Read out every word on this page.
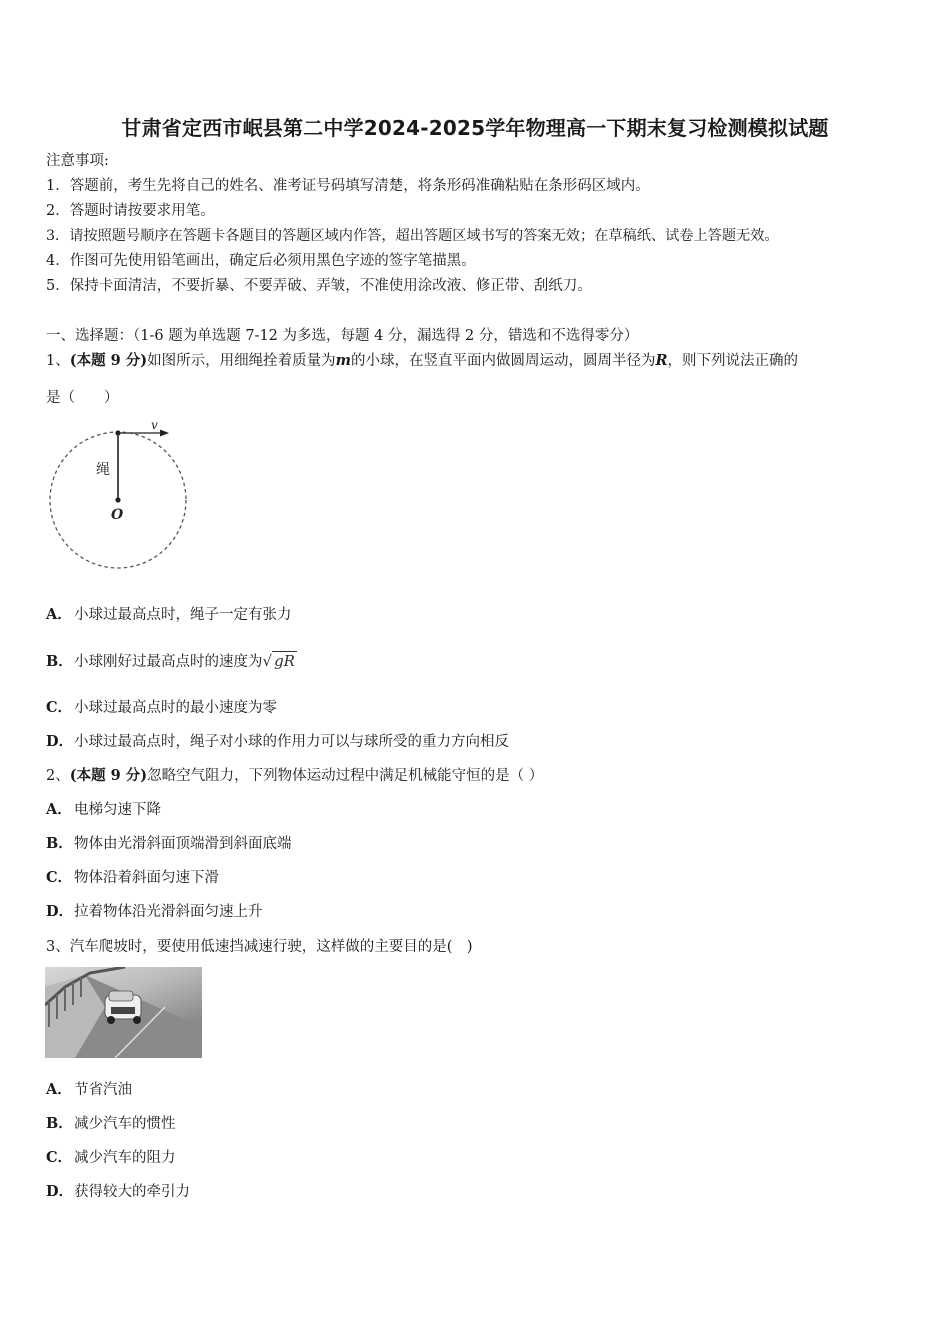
甘肃省定西市岷县第二中学2024-2025学年物理高一下期末复习检测模拟试题
注意事项:
1．答题前，考生先将自己的姓名、准考证号码填写清楚，将条形码准确粘贴在条形码区域内。
2．答题时请按要求用笔。
3．请按照题号顺序在答题卡各题目的答题区域内作答，超出答题区域书写的答案无效；在草稿纸、试卷上答题无效。
4．作图可先使用铅笔画出，确定后必须用黑色字迹的签字笔描黑。
5．保持卡面清洁，不要折暴、不要弄破、弄皱，不准使用涂改液、修正带、刮纸刀。
一、选择题：（1-6 题为单选题 7-12 为多选，每题 4 分，漏选得 2 分，错选和不选得零分）
1、(本题 9 分)如图所示，用细绳拴着质量为m的小球，在竖直平面内做圆周运动，圆周半径为R，则下列说法正确的
是（　　）
v
绳
O
A． 小球过最高点时，绳子一定有张力
B．小球刚好过最高点时的速度为√ gR
C． 小球过最高点时的最小速度为零
D．小球过最高点时，绳子对小球的作用力可以与球所受的重力方向相反
2、(本题 9 分)忽略空气阻力，下列物体运动过程中满足机械能守恒的是（ ）
A． 电梯匀速下降
B．物体由光滑斜面顶端滑到斜面底端
C． 物体沿着斜面匀速下滑
D．拉着物体沿光滑斜面匀速上升
3、汽车爬坡时，要使用低速挡减速行驶，这样做的主要目的是(　)
A． 节省汽油
B．减少汽车的惯性
C． 减少汽车的阻力
D．获得较大的牵引力
